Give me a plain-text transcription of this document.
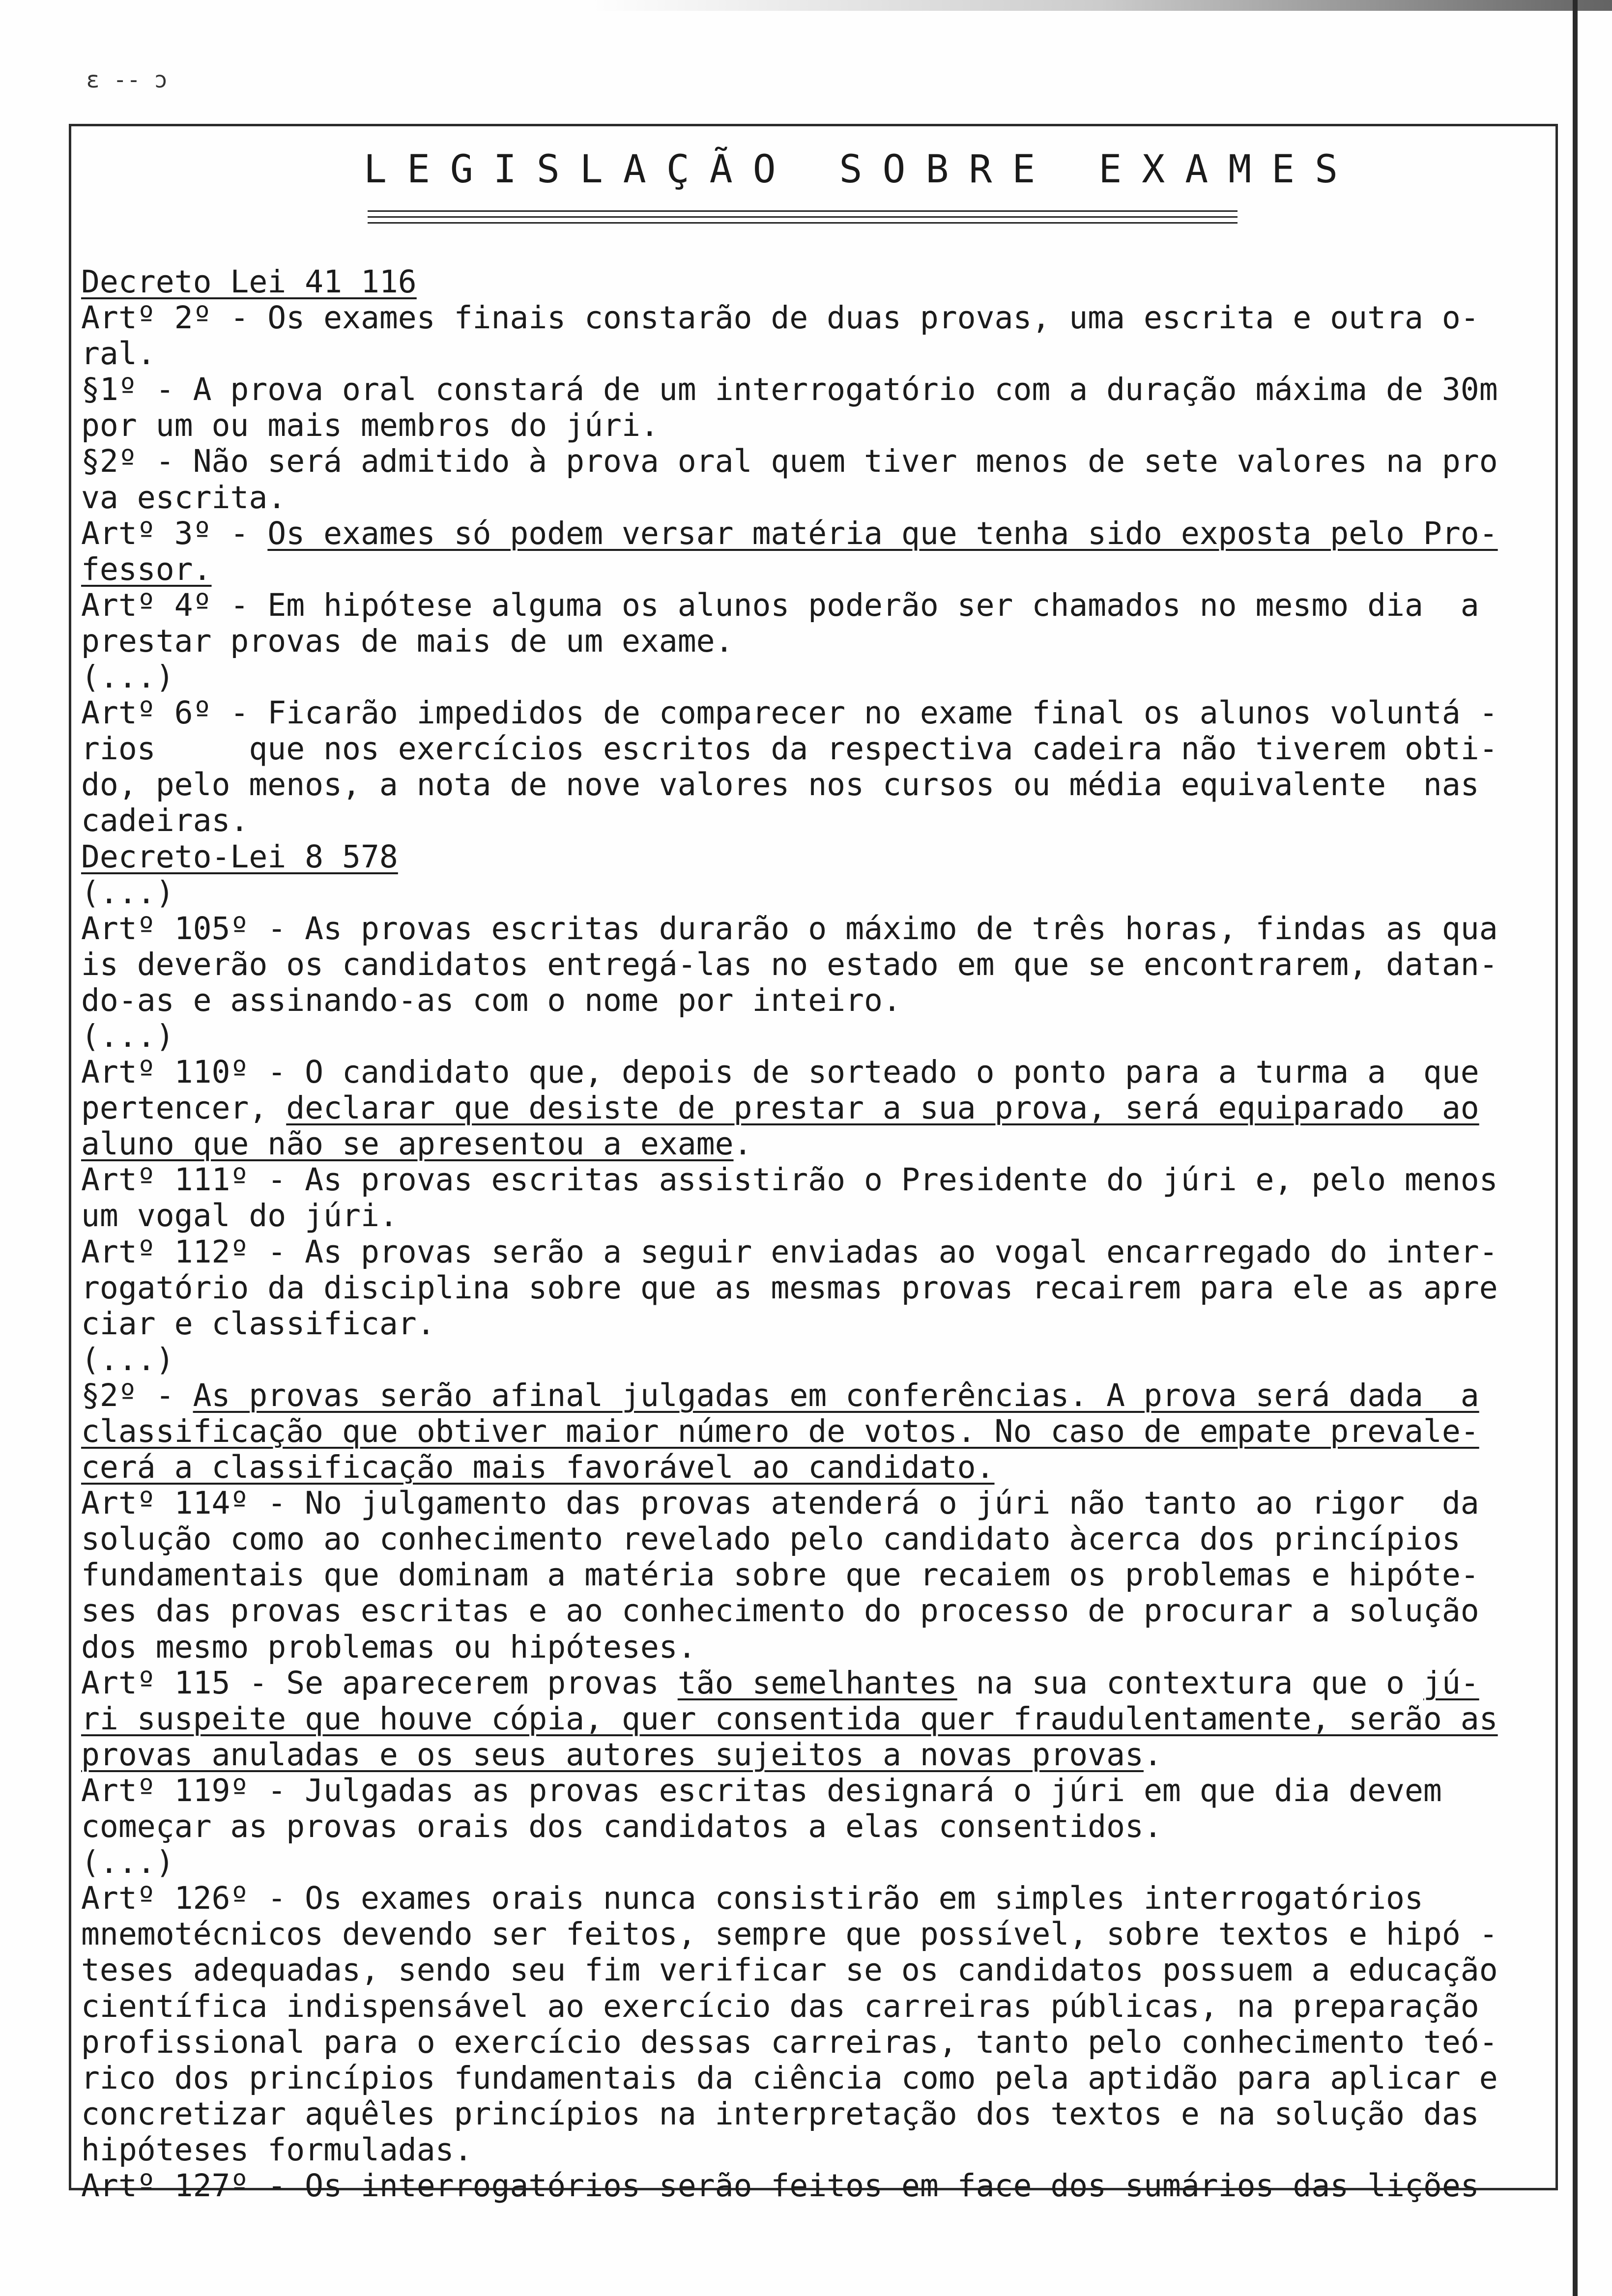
ɛ -- ɔ
LEGISLAÇÃO SOBRE EXAMES
Decreto Lei 41 116
Artº 2º - Os exames finais constarão de duas provas, uma escrita e outra o-
ral.
§1º - A prova oral constará de um interrogatório com a duração máxima de 30m
por um ou mais membros do júri.
§2º - Não será admitido à prova oral quem tiver menos de sete valores na pro
va escrita.
Artº 3º - Os exames só podem versar matéria que tenha sido exposta pelo Pro-
fessor.
Artº 4º - Em hipótese alguma os alunos poderão ser chamados no mesmo dia  a
prestar provas de mais de um exame.
(...)
Artº 6º - Ficarão impedidos de comparecer no exame final os alunos voluntá -
rios     que nos exercícios escritos da respectiva cadeira não tiverem obti-
do, pelo menos, a nota de nove valores nos cursos ou média equivalente  nas
cadeiras.
Decreto-Lei 8 578
(...)
Artº 105º - As provas escritas durarão o máximo de três horas, findas as qua
is deverão os candidatos entregá-las no estado em que se encontrarem, datan-
do-as e assinando-as com o nome por inteiro.
(...)
Artº 110º - O candidato que, depois de sorteado o ponto para a turma a  que
pertencer, declarar que desiste de prestar a sua prova, será equiparado  ao
aluno que não se apresentou a exame.
Artº 111º - As provas escritas assistirão o Presidente do júri e, pelo menos
um vogal do júri.
Artº 112º - As provas serão a seguir enviadas ao vogal encarregado do inter-
rogatório da disciplina sobre que as mesmas provas recairem para ele as apre
ciar e classificar.
(...)
§2º - As provas serão afinal julgadas em conferências. A prova será dada  a
classificação que obtiver maior número de votos. No caso de empate prevale-
cerá a classificação mais favorável ao candidato.
Artº 114º - No julgamento das provas atenderá o júri não tanto ao rigor  da
solução como ao conhecimento revelado pelo candidato àcerca dos princípios
fundamentais que dominam a matéria sobre que recaiem os problemas e hipóte-
ses das provas escritas e ao conhecimento do processo de procurar a solução
dos mesmo problemas ou hipóteses.
Artº 115 - Se aparecerem provas tão semelhantes na sua contextura que o jú-
ri suspeite que houve cópia, quer consentida quer fraudulentamente, serão as
provas anuladas e os seus autores sujeitos a novas provas.
Artº 119º - Julgadas as provas escritas designará o júri em que dia devem
começar as provas orais dos candidatos a elas consentidos.
(...)
Artº 126º - Os exames orais nunca consistirão em simples interrogatórios
mnemotécnicos devendo ser feitos, sempre que possível, sobre textos e hipó -
teses adequadas, sendo seu fim verificar se os candidatos possuem a educação
científica indispensável ao exercício das carreiras públicas, na preparação
profissional para o exercício dessas carreiras, tanto pelo conhecimento teó-
rico dos princípios fundamentais da ciência como pela aptidão para aplicar e
concretizar aquêles princípios na interpretação dos textos e na solução das
hipóteses formuladas.
Artº 127º - Os interrogatórios serão feitos em face dos sumários das lições
